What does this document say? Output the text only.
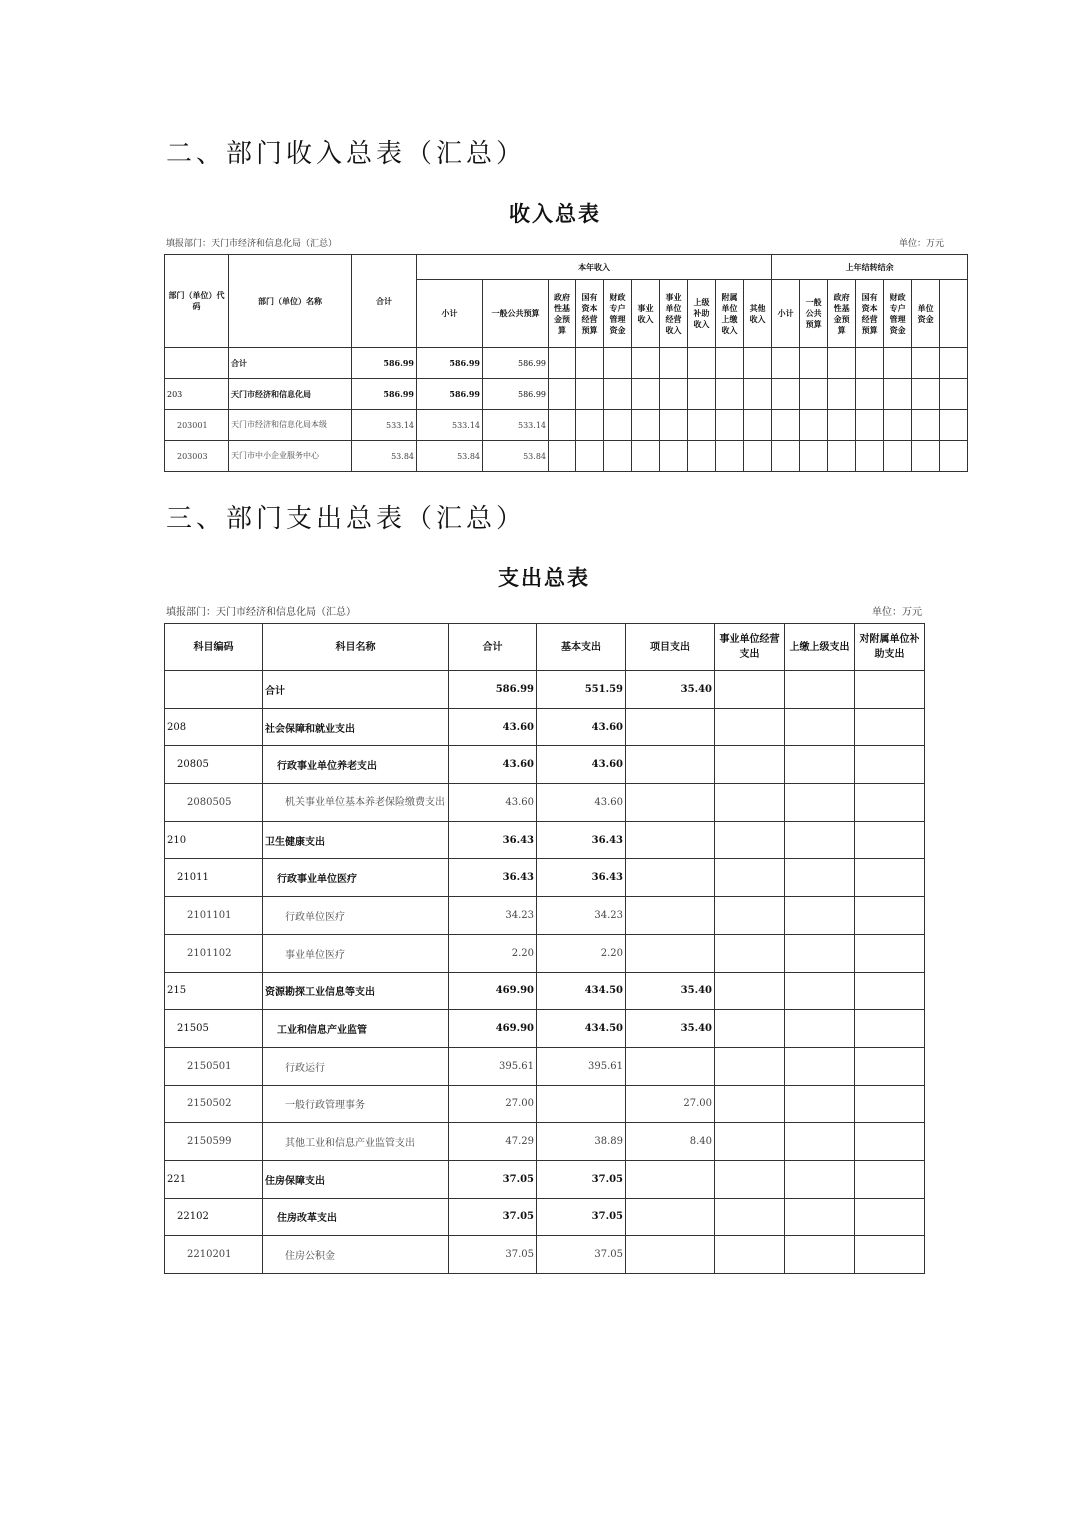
二、部门收入总表（汇总）
收入总表
填报部门：天门市经济和信息化局（汇总）	单位：万元
部门（单位）代码	部门（单位）名称	合计	本年收入										上年结转结余						
			小计	一般公共预算	政府性基金预算	国有资本经营预算	财政专户管理资金	事业收入	事业单位经营收入	上级补助收入	附属单位上缴收入	其他收入	小计	一般公共预算	政府性基金预算	国有资本经营预算	财政专户管理资金	单位资金	
	合计	586.99	586.99	586.99															
203	天门市经济和信息化局	586.99	586.99	586.99															
203001	天门市经济和信息化局本级	533.14	533.14	533.14															
203003	天门市中小企业服务中心	53.84	53.84	53.84															
三、部门支出总表（汇总）
支出总表
填报部门：天门市经济和信息化局（汇总）	单位：万元
科目编码	科目名称	合计	基本支出	项目支出	事业单位经营支出	上缴上级支出	对附属单位补助支出
	合计	586.99	551.59	35.40			
208	社会保障和就业支出	43.60	43.60				
20805	行政事业单位养老支出	43.60	43.60				
2080505	机关事业单位基本养老保险缴费支出	43.60	43.60				
210	卫生健康支出	36.43	36.43				
21011	行政事业单位医疗	36.43	36.43				
2101101	行政单位医疗	34.23	34.23				
2101102	事业单位医疗	2.20	2.20				
215	资源勘探工业信息等支出	469.90	434.50	35.40			
21505	工业和信息产业监管	469.90	434.50	35.40			
2150501	行政运行	395.61	395.61				
2150502	一般行政管理事务	27.00		27.00			
2150599	其他工业和信息产业监管支出	47.29	38.89	8.40			
221	住房保障支出	37.05	37.05				
22102	住房改革支出	37.05	37.05				
2210201	住房公积金	37.05	37.05				
